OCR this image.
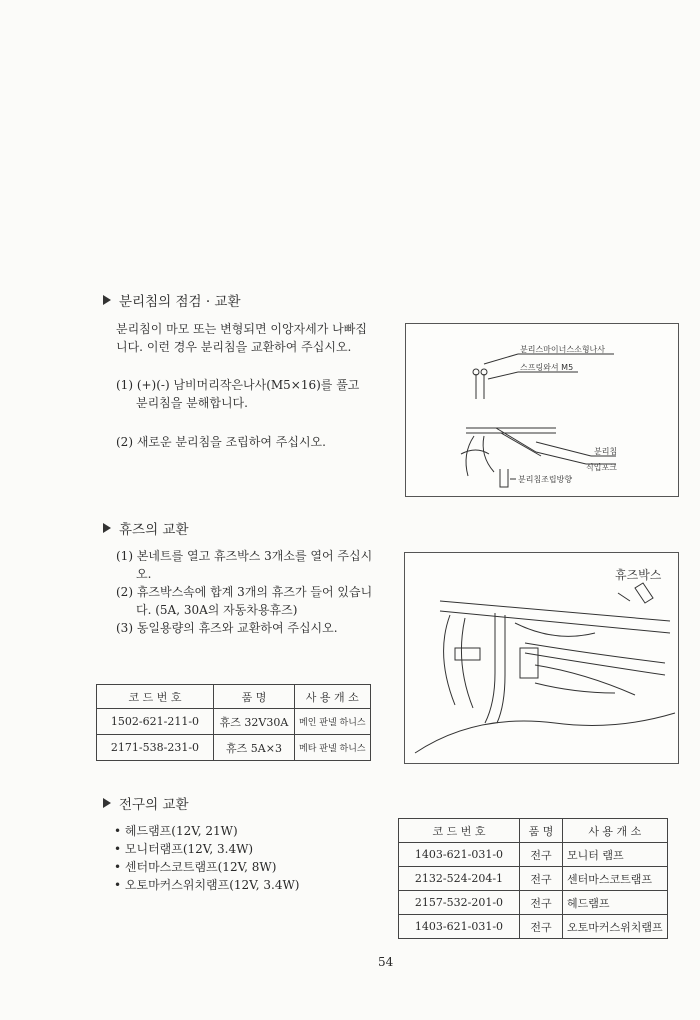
분리침의 점검 · 교환
분리침이 마모 또는 변형되면 이앙자세가 나빠집
니다. 이런 경우 분리침을 교환하여 주십시오.
(1) (+)(-) 남비머리작은나사(M5×16)를 풀고
분리침을 분해합니다.
(2) 새로운 분리침을 조립하여 주십시오.
분리스마이너스소형나사
스프링와셔 M5
분리침
식입포크
분리침조립방향
휴즈의 교환
(1) 본네트를 열고 휴즈박스 3개소를 열어 주십시
오.
(2) 휴즈박스속에 합계 3개의 휴즈가 들어 있습니
다. (5A, 30A의 자동차용휴즈)
(3) 동일용량의 휴즈와 교환하여 주십시오.
코 드 번 호	품 명	사 용 개 소
1502-621-211-0	휴즈 32V30A	메인 판넬 하니스
2171-538-231-0	휴즈 5A×3	메타 판넬 하니스
휴즈박스
전구의 교환
• 헤드램프(12V, 21W)
• 모니터램프(12V, 3.4W)
• 센터마스코트램프(12V, 8W)
• 오토마커스위치램프(12V, 3.4W)
코 드 번 호	품 명	사 용 개 소
1403-621-031-0	전구	모니터 램프
2132-524-204-1	전구	센터마스코트램프
2157-532-201-0	전구	헤드램프
1403-621-031-0	전구	오토마커스위치램프
54
